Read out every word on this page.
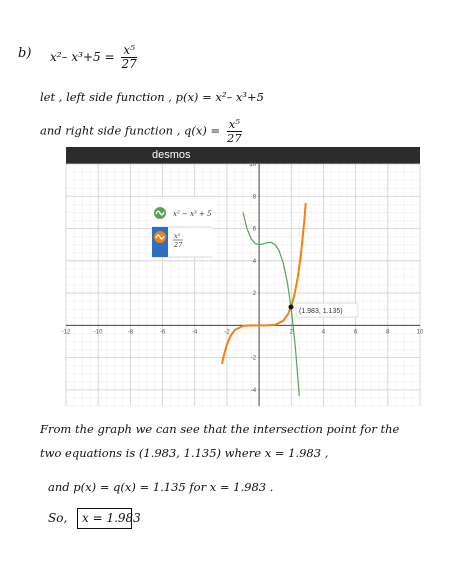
b) x²– $x^3+5 = \frac{\text{x⁵}}{27}$
let , left side function , p(x) = x²– x³+5
and right side function , $q(x) = \frac{\text{x⁵}}{27}$
desmos
-12	-10	-8	-6	-4	-2	2	4	6	8	10
10
8
6
4
2
-2
-4
x² − x³ + 5
x⁵
27
(1.983, 1.135)
From the graph we can see that the intersection point for the
two equations is (1.983, 1.135) where x = 1.983 ,
and p(x) = q(x) = 1.135 for x = 1.983 .
So, x = 1.983
